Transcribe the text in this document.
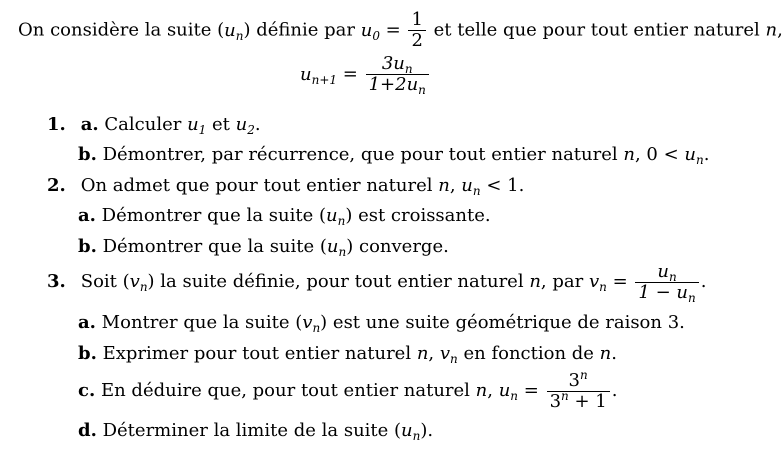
On considère la suite $(u_n)$ définie par $u_0 = \frac{1}{2}$ et telle que pour tout entier naturel n,
$u_{n+1} = \frac{3u_n}{1+2u_n}$
1. a. Calculer $u_1$ et $u_2$.
b. Démontrer, par récurrence, que pour tout entier naturel n, $0 < u_n$.
2. On admet que pour tout entier naturel n, $u_n < 1$.
a. Démontrer que la suite $(u_n)$ est croissante.
b. Démontrer que la suite $(u_n)$ converge.
3. Soit $(v_n)$ la suite définie, pour tout entier naturel n, par $v_n = \frac{u_n}{1 - u_n}$ .
a. Montrer que la suite $(v_n)$ est une suite géométrique de raison 3.
b. Exprimer pour tout entier naturel n, $v_n$ en fonction de n.
c. En déduire que, pour tout entier naturel n, $u_n = \frac{3^n}{3^n + 1}$ .
d. Déterminer la limite de la suite $(u_n)$.
